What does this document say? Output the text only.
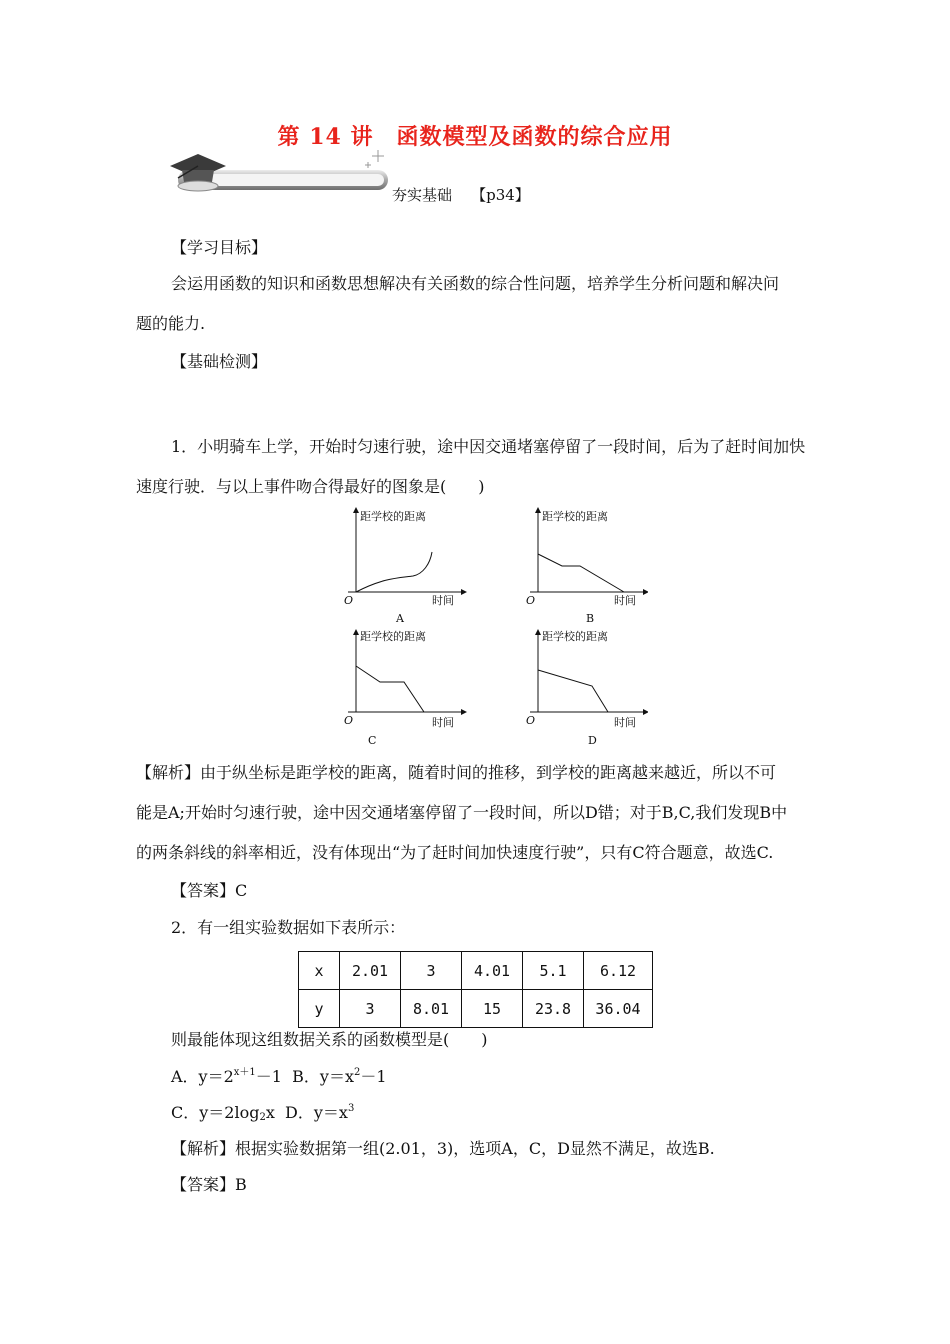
第 14 讲　函数模型及函数的综合应用
夯实基础 【p34】
【学习目标】
会运用函数的知识和函数思想解决有关函数的综合性问题，培养学生分析问题和解决问
题的能力.
【基础检测】
1．小明骑车上学，开始时匀速行驶，途中因交通堵塞停留了一段时间，后为了赶时间加快
速度行驶．与以上事件吻合得最好的图象是(　　)
距学校的距离	距学校的距离
距学校的距离	距学校的距离
时间	时间
时间	时间
O	O
O	O
A	B
C	D
【解析】由于纵坐标是距学校的距离，随着时间的推移，到学校的距离越来越近，所以不可
能是A;开始时匀速行驶，途中因交通堵塞停留了一段时间，所以D错；对于B,C,我们发现B中
的两条斜线的斜率相近，没有体现出“为了赶时间加快速度行驶”，只有C符合题意，故选C.
【答案】C
2．有一组实验数据如下表所示：
x	2.01	3	4.01	5.1	6.12
y	3	8.01	15	23.8	36.04
则最能体现这组数据关系的函数模型是(　　)
A．$y=2^{x+1}-1$ B．$y=x^2-1$
C．$y=2\log_2x$ D．$y=x^3$
【解析】根据实验数据第一组(2.01，3)，选项A，C，D显然不满足，故选B.
【答案】B
